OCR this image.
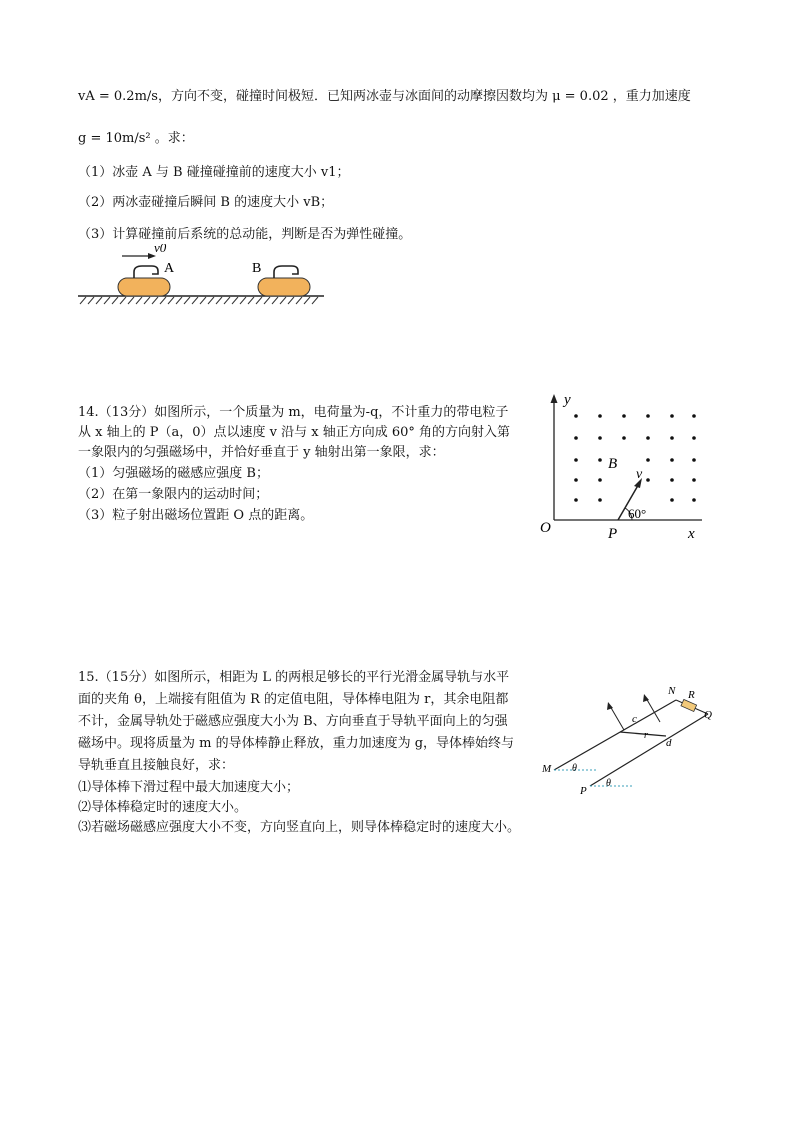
vA = 0.2m/s，方向不变，碰撞时间极短．已知两冰壶与冰面间的动摩擦因数均为 μ = 0.02 ，重力加速度
g = 10m/s² 。求：
（1）冰壶 A 与 B 碰撞碰撞前的速度大小 v1；
（2）两冰壶碰撞后瞬间 B 的速度大小 vB；
（3）计算碰撞前后系统的总动能，判断是否为弹性碰撞。
v0
A	B
14.（13分）如图所示，一个质量为 m，电荷量为-q，不计重力的带电粒子
从 x 轴上的 P（a，0）点以速度 v 沿与 x 轴正方向成 60° 角的方向射入第
一象限内的匀强磁场中，并恰好垂直于 y 轴射出第一象限，求：
（1）匀强磁场的磁感应强度 B；
（2）在第一象限内的运动时间；
（3）粒子射出磁场位置距 O 点的距离。
y
x
O	P
B
v
60°
15.（15分）如图所示，相距为 L 的两根足够长的平行光滑金属导轨与水平
面的夹角 θ，上端接有阻值为 R 的定值电阻，导体棒电阻为 r，其余电阻都
不计，金属导轨处于磁感应强度大小为 B、方向垂直于导轨平面向上的匀强
磁场中。现将质量为 m 的导体棒静止释放，重力加速度为 g，导体棒始终与
导轨垂直且接触良好，求：
⑴导体棒下滑过程中最大加速度大小；
⑵导体棒稳定时的速度大小。
⑶若磁场磁感应强度大小不变，方向竖直向上，则导体棒稳定时的速度大小。
M
P
N R
Q
c
d
r
θ
θ
